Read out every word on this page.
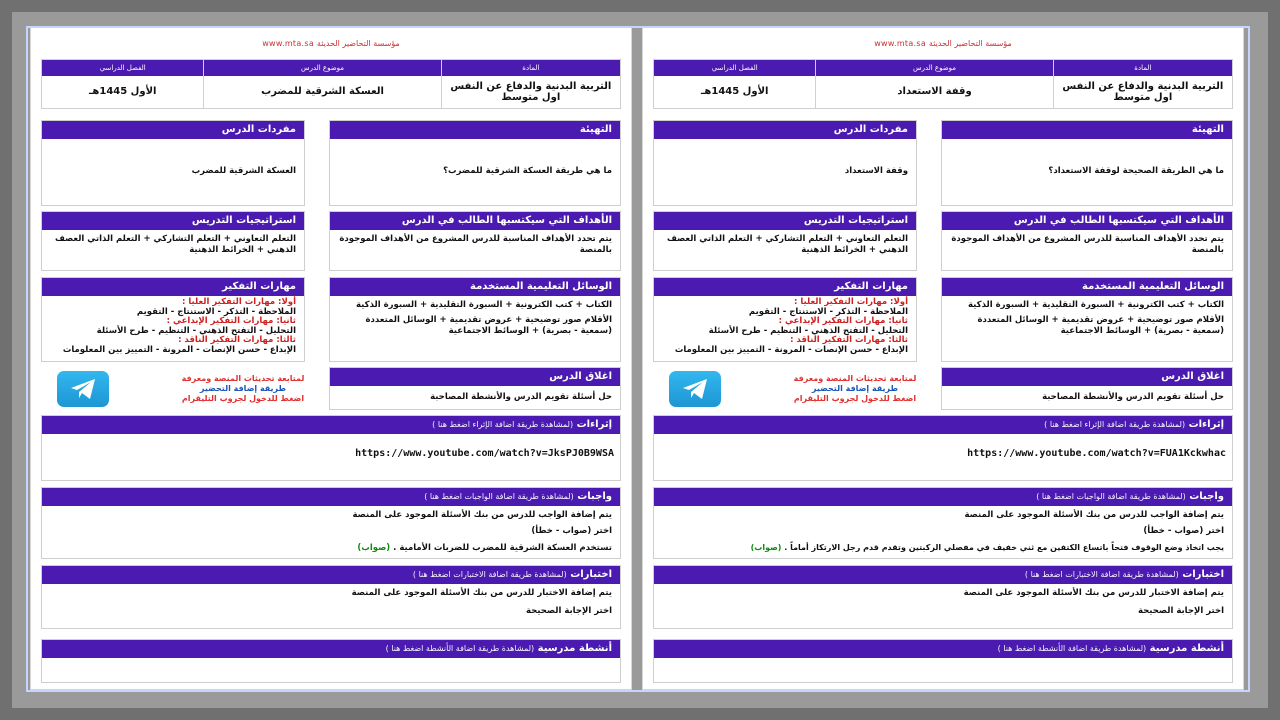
www.mta.sa مؤسسة التحاضير الحديثة
المادة
التربية البدنية والدفاع عن النفس اول متوسط
موضوع الدرس
العسكة الشرقية للمضرب
الفصل الدراسي
الأول 1445هـ
التهيئة
ما هي طريقة العسكة الشرقية للمضرب؟
مفردات الدرس
العسكة الشرقية للمضرب
الأهداف التي سيكتسبها الطالب في الدرس
يتم تحدد الأهداف المناسبة للدرس المشروع من الأهداف الموجودة بالمنصة
استراتيجيات التدريس
التعلم التعاوني + التعلم التشاركي + التعلم الذاتي العصف الذهني + الخرائط الذهنية
الوسائل التعليمية المستخدمة
الكتاب + كتب الكترونية + السبورة التقليدية + السبورة الذكية
الأقلام صور توضيحية + عروض تقديمية + الوسائل المتعددة (سمعية - بصرية) + الوسائط الاجتماعية
مهارات التفكير
أولا: مهارات التفكير العليا :
الملاحظة - التذكر - الاستنتاج - التقويم
ثانيا: مهارات التفكير الإبداعي :
التحليل - التفتح الذهني - التنظيم - طرح الأسئلة
ثالثا: مهارات التفكير الناقد :
الإبداع - حسن الإنصات - المرونة - التمييز بين المعلومات
اغلاق الدرس
حل أسئلة تقويم الدرس والأنشطة المصاحبة
لمتابعة تحديثات المنصة ومعرفة
طريقة إضافة التحضير
اضغط للدخول لجروب التليقرام
إثراءات (لمشاهدة طريقة اضافة الإثراء اضغط هنا )
https://www.youtube.com/watch?v=JksPJ0B9WSA
واجبات (لمشاهدة طريقة اضافة الواجبات اضغط هنا )
يتم إضافة الواجب للدرس من بنك الأسئلة الموجود على المنصة
اختر (صواب - خطأ)
تستخدم العسكة الشرقية للمضرب للضربات الأمامية . (صواب)
اختبارات (لمشاهدة طريقة اضافة الاختبارات اضغط هنا )
يتم إضافة الاختبار للدرس من بنك الأسئلة الموجود على المنصة
اختر الإجابة الصحيحة
أنشطة مدرسية (لمشاهدة طريقة اضافة الأنشطة اضغط هنا )
www.mta.sa مؤسسة التحاضير الحديثة
المادة
التربية البدنية والدفاع عن النفس اول متوسط
موضوع الدرس
وقفة الاستعداد
الفصل الدراسي
الأول 1445هـ
التهيئة
ما هي الطريقة الصحيحة لوقفة الاستعداد؟
مفردات الدرس
وقفة الاستعداد
الأهداف التي سيكتسبها الطالب في الدرس
يتم تحدد الأهداف المناسبة للدرس المشروع من الأهداف الموجودة بالمنصة
استراتيجيات التدريس
التعلم التعاوني + التعلم التشاركي + التعلم الذاتي العصف الذهني + الخرائط الذهنية
الوسائل التعليمية المستخدمة
الكتاب + كتب الكترونية + السبورة التقليدية + السبورة الذكية
الأقلام صور توضيحية + عروض تقديمية + الوسائل المتعددة (سمعية - بصرية) + الوسائط الاجتماعية
مهارات التفكير
أولا: مهارات التفكير العليا :
الملاحظة - التذكر - الاستنتاج - التقويم
ثانيا: مهارات التفكير الإبداعي :
التحليل - التفتح الذهني - التنظيم - طرح الأسئلة
ثالثا: مهارات التفكير الناقد :
الإبداع - حسن الإنصات - المرونة - التمييز بين المعلومات
اغلاق الدرس
حل أسئلة تقويم الدرس والأنشطة المصاحبة
لمتابعة تحديثات المنصة ومعرفة
طريقة إضافة التحضير
اضغط للدخول لجروب التليقرام
إثراءات (لمشاهدة طريقة اضافة الإثراء اضغط هنا )
https://www.youtube.com/watch?v=FUA1Kckwhac
واجبات (لمشاهدة طريقة اضافة الواجبات اضغط هنا )
يتم إضافة الواجب للدرس من بنك الأسئلة الموجود على المنصة
اختر (صواب - خطأ)
يجب اتخاذ وضع الوقوف فتحاً باتساع الكتفين مع ثني خفيف في مفصلي الركبتين وتقدم قدم رجل الارتكاز أماماً . (صواب)
اختبارات (لمشاهدة طريقة اضافة الاختبارات اضغط هنا )
يتم إضافة الاختبار للدرس من بنك الأسئلة الموجود على المنصة
اختر الإجابة الصحيحة
أنشطة مدرسية (لمشاهدة طريقة اضافة الأنشطة اضغط هنا )
